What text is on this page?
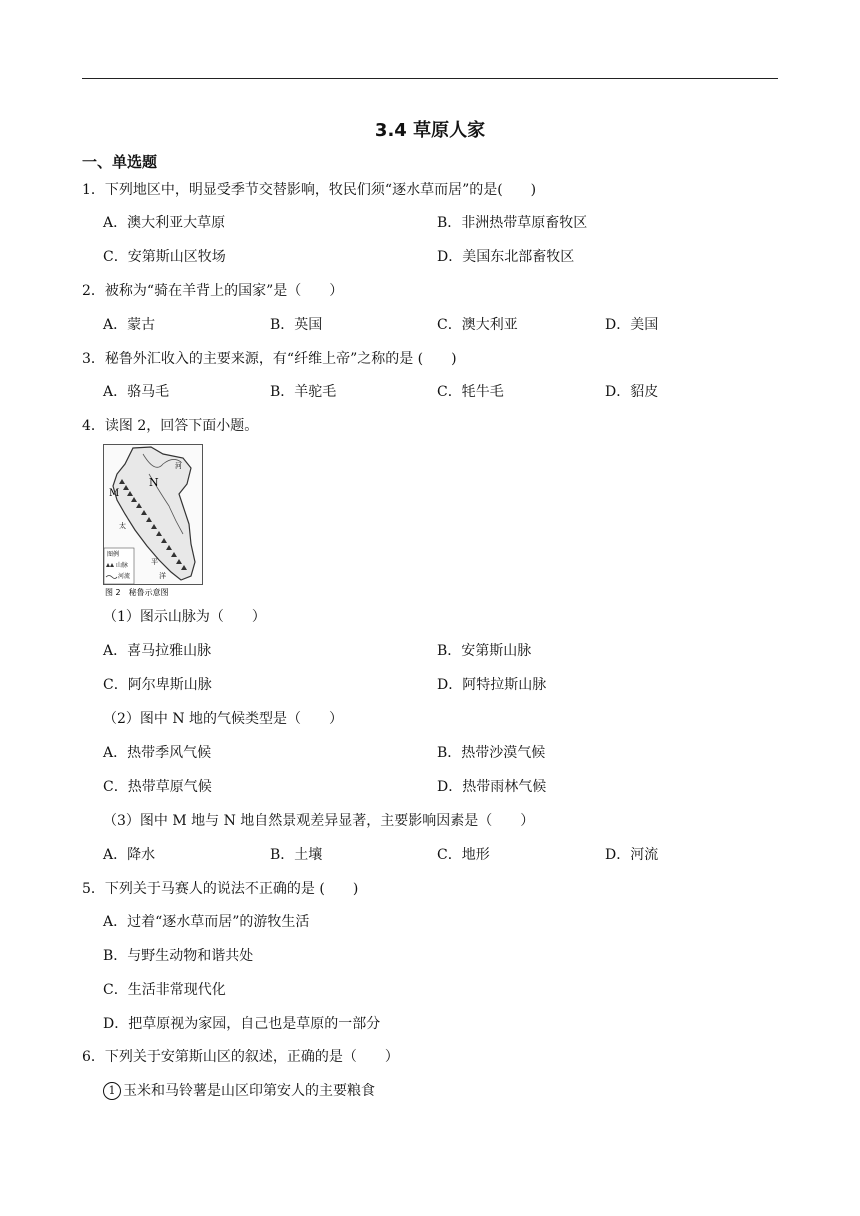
3.4 草原人家
一、单选题
1．下列地区中，明显受季节交替影响，牧民们须“逐水草而居”的是(　　)
A．澳大利亚大草原	B．非洲热带草原畜牧区
C．安第斯山区牧场	D．美国东北部畜牧区
2．被称为“骑在羊背上的国家”是（　　）
A．蒙古	B．英国	C．澳大利亚	D．美国
3．秘鲁外汇收入的主要来源，有“纤维上帝”之称的是 (　　)
A．骆马毛	B．羊驼毛	C．牦牛毛	D．貂皮
4．读图 2，回答下面小题。
M
N
河
太
平
洋
图例
山脉
河流
图 2　秘鲁示意图
（1）图示山脉为（　　）
A．喜马拉雅山脉	B．安第斯山脉
C．阿尔卑斯山脉	D．阿特拉斯山脉
（2）图中 N 地的气候类型是（　　）
A．热带季风气候	B．热带沙漠气候
C．热带草原气候	D．热带雨林气候
（3）图中 M 地与 N 地自然景观差异显著，主要影响因素是（　　）
A．降水	B．土壤	C．地形	D．河流
5．下列关于马赛人的说法不正确的是 (　　)
A．过着“逐水草而居”的游牧生活
B．与野生动物和谐共处
C．生活非常现代化
D．把草原视为家园，自己也是草原的一部分
6．下列关于安第斯山区的叙述，正确的是（　　）
1 玉米和马铃薯是山区印第安人的主要粮食
